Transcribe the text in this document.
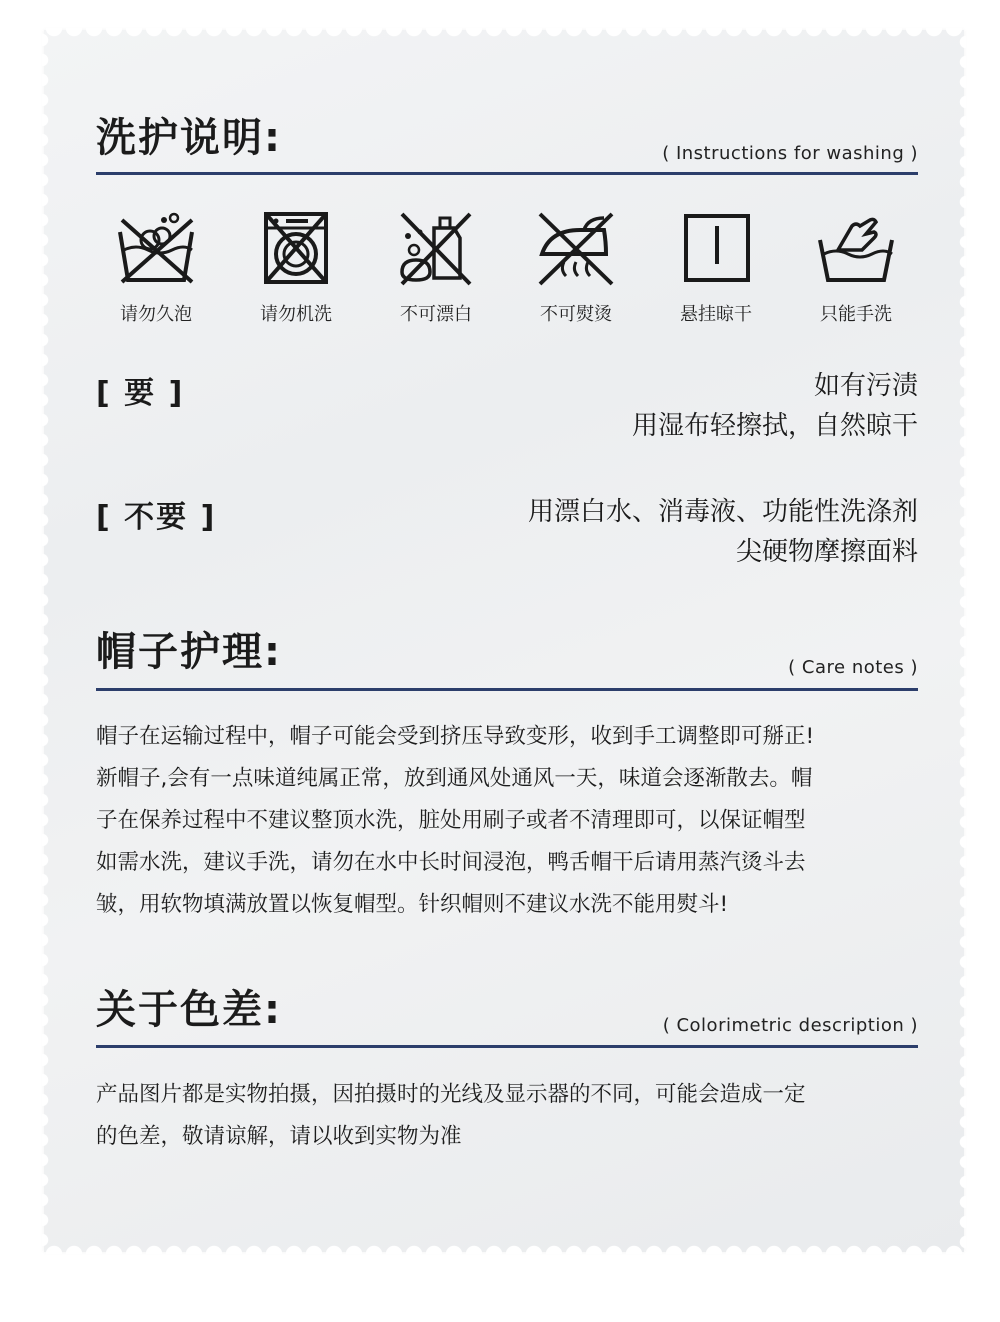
洗护说明:	( Instructions for washing )
请勿久泡	请勿机洗	不可漂白	不可熨烫	悬挂晾干	只能手洗
[ 要 ]	如有污渍
用湿布轻擦拭，自然晾干
[ 不要 ]	用漂白水、消毒液、功能性洗涤剂
尖硬物摩擦面料
帽子护理:	( Care notes )
帽子在运输过程中，帽子可能会受到挤压导致变形，收到手工调整即可掰正!
新帽子,会有一点味道纯属正常，放到通风处通风一天，味道会逐渐散去。帽
子在保养过程中不建议整顶水洗，脏处用刷子或者不清理即可，以保证帽型
如需水洗，建议手洗，请勿在水中长时间浸泡，鸭舌帽干后请用蒸汽烫斗去
皱，用软物填满放置以恢复帽型。针织帽则不建议水洗不能用熨斗!
关于色差:	( Colorimetric description )
产品图片都是实物拍摄，因拍摄时的光线及显示器的不同，可能会造成一定
的色差，敬请谅解，请以收到实物为准
